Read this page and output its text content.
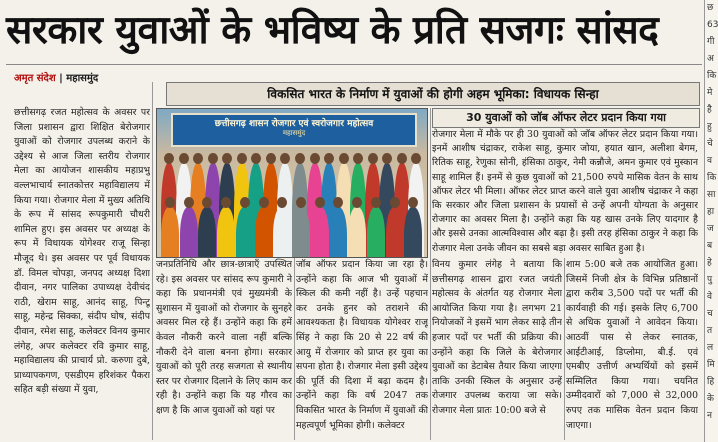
सरकार युवाओं के भविष्य के प्रति सजगः सांसद	छ
63
गी
अ
कि
मे
है
हु
चे
व
कि
सा
हा
ज
ब
हे
पु
वे
च
त
ल
मि
हि
के
न
अमृत संदेश | महासमुंद
विकसित भारत के निर्माण में युवाओं की होगी अहम भूमिका: विधायक सिन्हा
छत्तीसगढ़ रजत महोत्सव के अवसर पर जिला प्रशासन द्वारा शिक्षित बेरोजगार युवाओं को रोजगार उपलब्ध कराने के उद्देश्य से आज जिला स्तरीय रोजगार मेला का आयोजन शासकीय महाप्रभु वल्लभाचार्य स्नातकोत्तर महाविद्यालय में किया गया। रोजगार मेला में मुख्य अतिथि के रूप में सांसद रूपकुमारी चौधरी शामिल हुए। इस अवसर पर अध्यक्ष के रूप में विधायक योगेश्वर राजू सिन्हा मौजूद थे। इस अवसर पर पूर्व विधायक डॉ. विमल चोपड़ा, जनपद अध्यक्ष दिशा दीवान, नगर पालिका उपाध्यक्ष देवीचंद राठी, खेराम साहू, आनंद साहू, पिन्टू साहू, महेन्द्र सिक्का, संदीप घोष, संदीप दीवान, रमेश साहू, कलेक्टर विनय कुमार लंगेह, अपर कलेक्टर रवि कुमार साहू, महाविद्यालय की प्राचार्य प्रो. करुणा दुबे, प्राध्यापकगण, एसडीएम हरिशंकर पैकरा सहित बड़ी संख्या में युवा,
छत्तीसगढ़ शासन रोजगार एवं स्वरोजगार महोत्सव
महासमुंद
जनप्रतिनिधि और छात्र-छात्राएँ उपस्थित रहे। इस अवसर पर सांसद रूप कुमारी ने कहा कि प्रधानमंत्री एवं मुख्यमंत्री के सुशासन में युवाओं को रोजगार के सुनहरे अवसर मिल रहे हैं। उन्होंने कहा कि हमें केवल नौकरी करने वाला नहीं बल्कि नौकरी देने वाला बनना होगा। सरकार युवाओं को पूरी तरह सजगता से स्थानीय स्तर पर रोजगार दिलाने के लिए काम कर रही है। उन्होंने कहा कि यह गौरव का क्षण है कि आज युवाओं को यहां पर
जॉब ऑफर प्रदान किया जा रहा है। उन्होंने कहा कि आज भी युवाओं में स्किल की कमी नहीं है। उन्हें पहचान कर उनके हुनर को तराशने की आवश्यकता है। विधायक योगेश्वर राजू सिंह ने कहा कि 20 से 22 वर्ष की आयु में रोजगार को प्राप्त हर युवा का सपना होता है। रोजगार मेला इसी उद्देश्य की पूर्ति की दिशा में बढ़ा कदम है। उन्होंने कहा कि वर्ष 2047 तक विकसित भारत के निर्माण में युवाओं की महत्वपूर्ण भूमिका होगी। कलेक्टर
30 युवाओं को जॉब ऑफर लेटर प्रदान किया गया
रोजगार मेला में मौके पर ही 30 युवाओं को जॉब ऑफर लेटर प्रदान किया गया। इनमें आशीष चंद्राकर, राकेश साहू, कुमार जोया, हयात खान, अलीशा बेगम, रितिक साहू, रेणुका सोनी, हंसिका ठाकुर, नेमी कन्नौजे, अमन कुमार एवं मुस्कान साहू शामिल हैं। इनमें से कुछ युवाओं को 21,500 रुपये मासिक वेतन के साथ ऑफर लेटर भी मिला। ऑफर लेटर प्राप्त करने वाले युवा आशीष चंद्राकर ने कहा कि सरकार और जिला प्रशासन के प्रयासों से उन्हें अपनी योग्यता के अनुसार रोजगार का अवसर मिला है। उन्होंने कहा कि यह खास उनके लिए यादगार है और इससे उनका आत्मविश्वास और बढ़ा है। इसी तरह हंसिका ठाकुर ने कहा कि रोजगार मेला उनके जीवन का सबसे बड़ा अवसर साबित हुआ है।
विनय कुमार लंगेह ने बताया कि छत्तीसगढ़ शासन द्वारा रजत जयंती महोत्सव के अंतर्गत यह रोजगार मेला आयोजित किया गया है। लगभग 21 नियोजकों ने इसमें भाग लेकर साढ़े तीन हजार पदों पर भर्ती की प्रक्रिया की। उन्होंने कहा कि जिले के बेरोजगार युवाओं का डेटाबेस तैयार किया जाएगा ताकि उनकी स्किल के अनुसार उन्हें रोजगार उपलब्ध कराया जा सके। रोजगार मेला प्रातः 10:00 बजे से
शाम 5:00 बजे तक आयोजित हुआ। जिसमें निजी क्षेत्र के विभिन्न प्रतिष्ठानों द्वारा करीब 3,500 पदों पर भर्ती की कार्यवाही की गई। इसके लिए 6,700 से अधिक युवाओं ने आवेदन किया। आठवीं पास से लेकर स्नातक, आईटीआई, डिप्लोमा, बी.ई. एवं एमबीए उत्तीर्ण अभ्यर्थियों को इसमें सम्मिलित किया गया। चयनित उम्मीदवारों को 7,000 से 32,000 रुपए तक मासिक वेतन प्रदान किया जाएगा।
